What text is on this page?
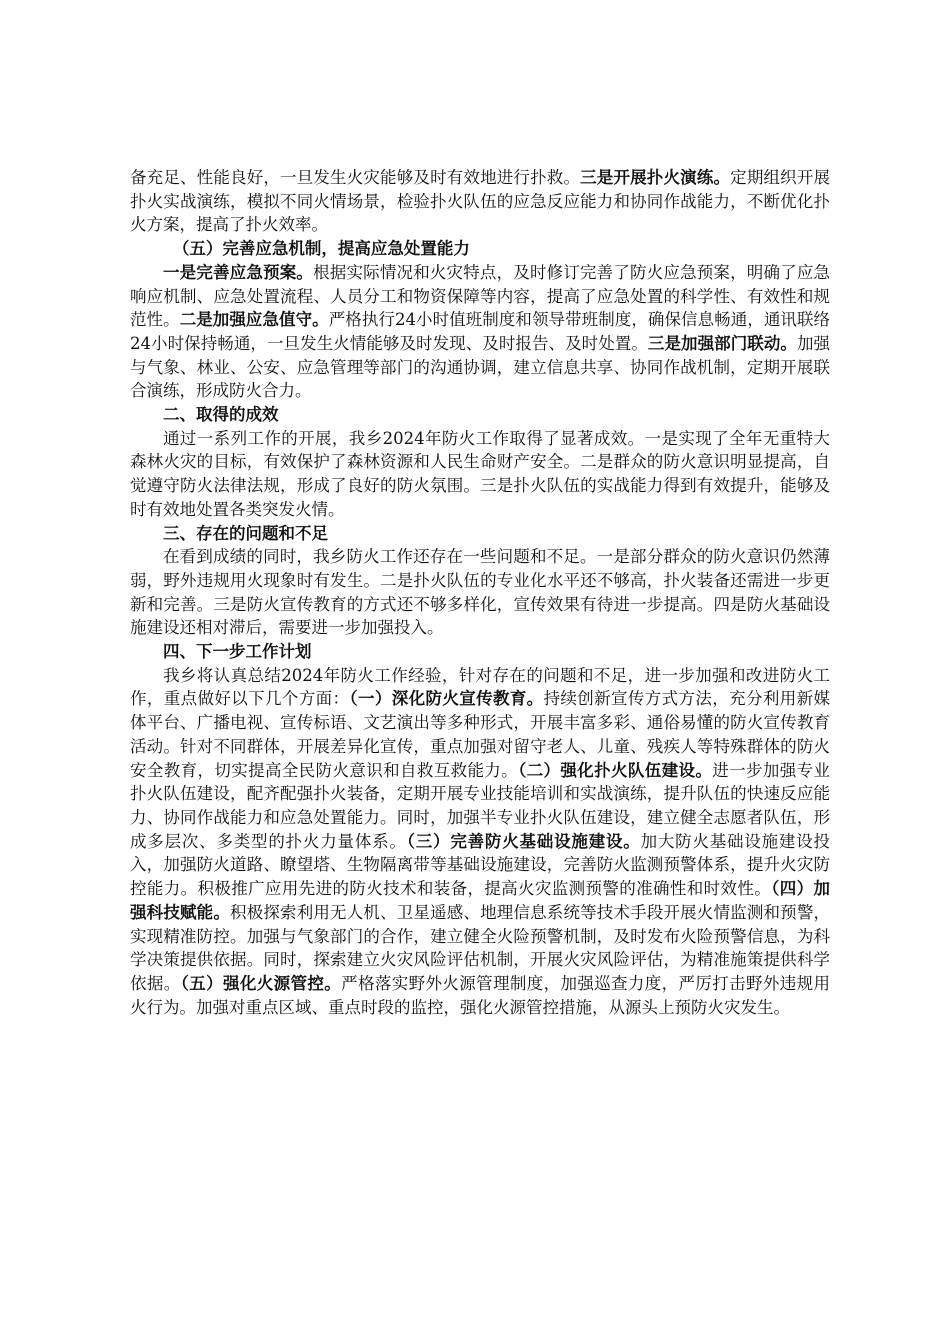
备充足、性能良好，一旦发生火灾能够及时有效地进行扑救。三是开展扑火演练。定期组织开展扑火实战演练，模拟不同火情场景，检验扑火队伍的应急反应能力和协同作战能力，不断优化扑火方案，提高了扑火效率。

（五）完善应急机制，提高应急处置能力

一是完善应急预案。根据实际情况和火灾特点，及时修订完善了防火应急预案，明确了应急响应机制、应急处置流程、人员分工和物资保障等内容，提高了应急处置的科学性、有效性和规范性。二是加强应急值守。严格执行24小时值班制度和领导带班制度，确保信息畅通，通讯联络24小时保持畅通，一旦发生火情能够及时发现、及时报告、及时处置。三是加强部门联动。加强与气象、林业、公安、应急管理等部门的沟通协调，建立信息共享、协同作战机制，定期开展联合演练，形成防火合力。

二、取得的成效

通过一系列工作的开展，我乡2024年防火工作取得了显著成效。一是实现了全年无重特大森林火灾的目标，有效保护了森林资源和人民生命财产安全。二是群众的防火意识明显提高，自觉遵守防火法律法规，形成了良好的防火氛围。三是扑火队伍的实战能力得到有效提升，能够及时有效地处置各类突发火情。

三、存在的问题和不足

在看到成绩的同时，我乡防火工作还存在一些问题和不足。一是部分群众的防火意识仍然薄弱，野外违规用火现象时有发生。二是扑火队伍的专业化水平还不够高，扑火装备还需进一步更新和完善。三是防火宣传教育的方式还不够多样化，宣传效果有待进一步提高。四是防火基础设施建设还相对滞后，需要进一步加强投入。

四、下一步工作计划

我乡将认真总结2024年防火工作经验，针对存在的问题和不足，进一步加强和改进防火工作，重点做好以下几个方面：（一）深化防火宣传教育。持续创新宣传方式方法，充分利用新媒体平台、广播电视、宣传标语、文艺演出等多种形式，开展丰富多彩、通俗易懂的防火宣传教育活动。针对不同群体，开展差异化宣传，重点加强对留守老人、儿童、残疾人等特殊群体的防火安全教育，切实提高全民防火意识和自救互救能力。（二）强化扑火队伍建设。进一步加强专业扑火队伍建设，配齐配强扑火装备，定期开展专业技能培训和实战演练，提升队伍的快速反应能力、协同作战能力和应急处置能力。同时，加强半专业扑火队伍建设，建立健全志愿者队伍，形成多层次、多类型的扑火力量体系。（三）完善防火基础设施建设。加大防火基础设施建设投入，加强防火道路、瞭望塔、生物隔离带等基础设施建设，完善防火监测预警体系，提升火灾防控能力。积极推广应用先进的防火技术和装备，提高火灾监测预警的准确性和时效性。（四）加强科技赋能。积极探索利用无人机、卫星遥感、地理信息系统等技术手段开展火情监测和预警，实现精准防控。加强与气象部门的合作，建立健全火险预警机制，及时发布火险预警信息，为科学决策提供依据。同时，探索建立火灾风险评估机制，开展火灾风险评估，为精准施策提供科学依据。（五）强化火源管控。严格落实野外火源管理制度，加强巡查力度，严厉打击野外违规用火行为。加强对重点区域、重点时段的监控，强化火源管控措施，从源头上预防火灾发生。
